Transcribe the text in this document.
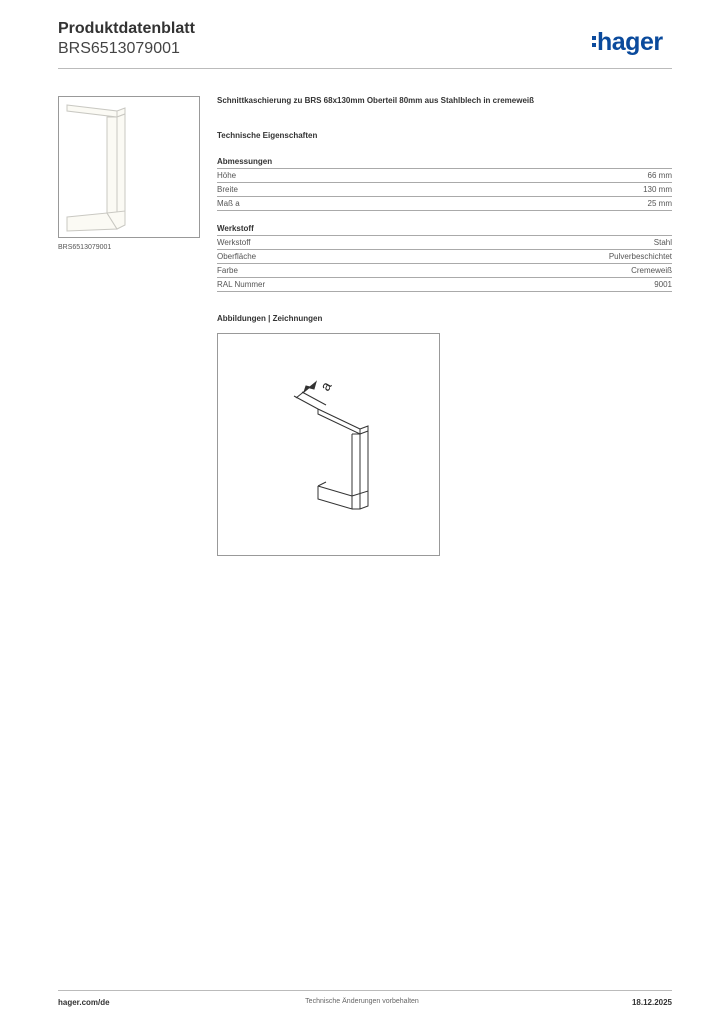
Produktdatenblatt
BRS6513079001	hager
BRS6513079001
Schnittkaschierung zu BRS 68x130mm Oberteil 80mm aus Stahlblech in cremeweiß
Technische Eigenschaften
Abmessungen
Höhe	66 mm
Breite	130 mm
Maß a	25 mm
Werkstoff
Werkstoff	Stahl
Oberfläche	Pulverbeschichtet
Farbe	Cremeweiß
RAL Nummer	9001
Abbildungen | Zeichnungen
a
hager.com/de	Technische Änderungen vorbehalten	18.12.2025
